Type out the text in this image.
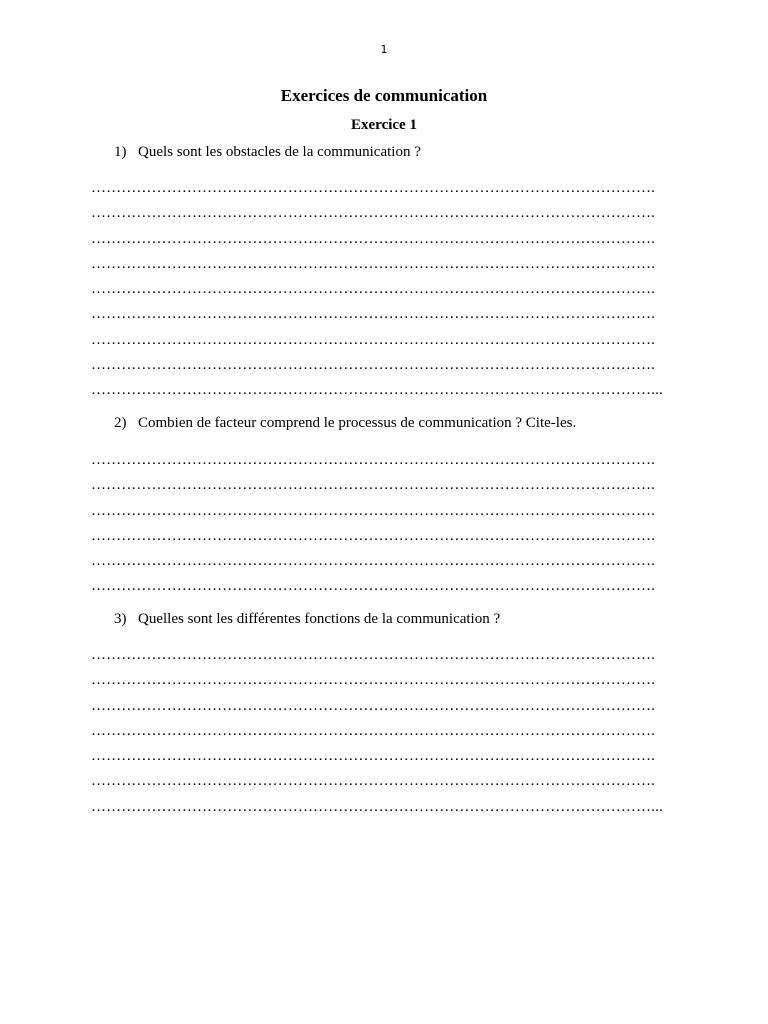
1
Exercices de communication
Exercice 1
1) Quels sont les obstacles de la communication ?
………………………………………………………………………………………………….
………………………………………………………………………………………………….
………………………………………………………………………………………………….
………………………………………………………………………………………………….
………………………………………………………………………………………………….
………………………………………………………………………………………………….
………………………………………………………………………………………………….
………………………………………………………………………………………………….
…………………………………………………………………………………………………...
2) Combien de facteur comprend le processus de communication ? Cite-les.
………………………………………………………………………………………………….
………………………………………………………………………………………………….
………………………………………………………………………………………………….
………………………………………………………………………………………………….
………………………………………………………………………………………………….
………………………………………………………………………………………………….
3) Quelles sont les différentes fonctions de la communication ?
………………………………………………………………………………………………….
………………………………………………………………………………………………….
………………………………………………………………………………………………….
………………………………………………………………………………………………….
………………………………………………………………………………………………….
………………………………………………………………………………………………….
…………………………………………………………………………………………………...
